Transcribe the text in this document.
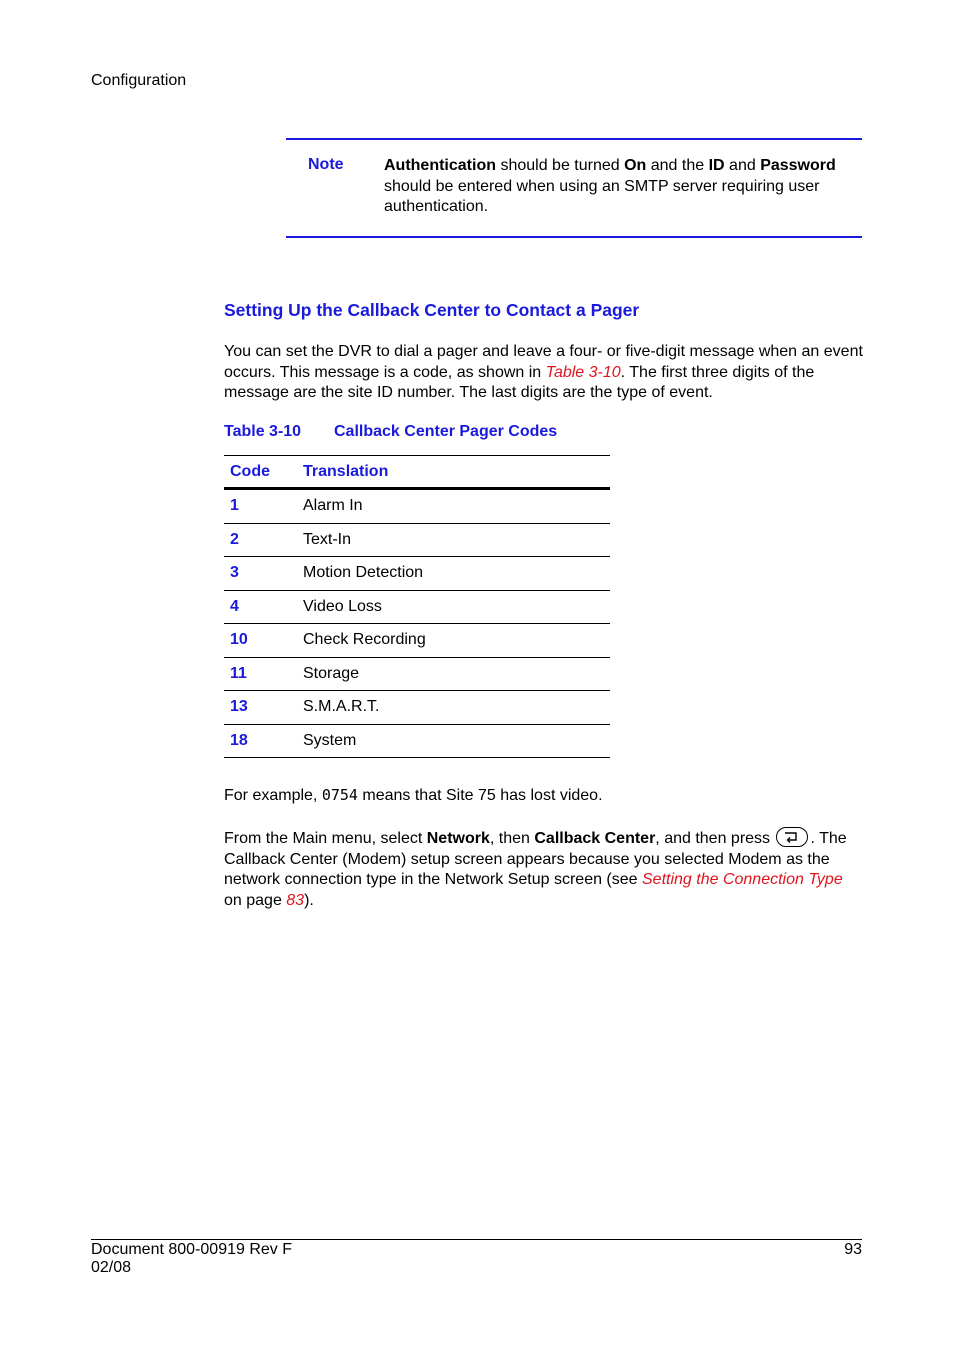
Configuration
Note	Authentication should be turned On and the ID and Password should be entered when using an SMTP server requiring user authentication.
Setting Up the Callback Center to Contact a Pager
You can set the DVR to dial a pager and leave a four- or five-digit message when an event occurs. This message is a code, as shown in Table 3-10. The first three digits of the message are the site ID number. The last digits are the type of event.
Table 3-10 Callback Center Pager Codes
Code	Translation
1	Alarm In
2	Text-In
3	Motion Detection
4	Video Loss
10	Check Recording
11	Storage
13	S.M.A.R.T.
18	System
For example, 0754 means that Site 75 has lost video.
From the Main menu, select Network, then Callback Center, and then press
. The Callback Center (Modem) setup screen appears because you selected Modem as the network connection type in the Network Setup screen (see Setting the Connection Type on page 83).
Document 800-00919 Rev F
02/08
93
